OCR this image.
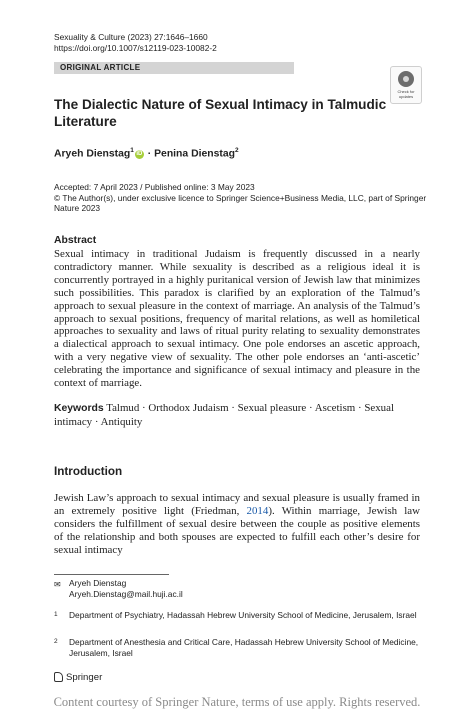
Sexuality & Culture (2023) 27:1646–1660
https://doi.org/10.1007/s12119-023-10082-2
ORIGINAL ARTICLE
Check for updates
The Dialectic Nature of Sexual Intimacy in Talmudic Literature
Aryeh Dienstag$^1$iD · Penina Dienstag$^2$
Accepted: 7 April 2023 / Published online: 3 May 2023
© The Author(s), under exclusive licence to Springer Science+Business Media, LLC, part of Springer Nature 2023
Abstract
Sexual intimacy in traditional Judaism is frequently discussed in a nearly contradictory manner. While sexuality is described as a religious ideal it is concurrently portrayed in a highly puritanical version of Jewish law that minimizes such possibilities. This paradox is clarified by an exploration of the Talmud’s approach to sexual pleasure in the context of marriage. An analysis of the Talmud’s approach to sexual positions, frequency of marital relations, as well as homiletical approaches to sexuality and laws of ritual purity relating to sexuality demonstrates a dialectical approach to sexual intimacy. One pole endorses an ascetic approach, with a very negative view of sexuality. The other pole endorses an ‘anti-ascetic’ celebrating the importance and significance of sexual intimacy and pleasure in the context of marriage.
Keywords Talmud · Orthodox Judaism · Sexual pleasure · Ascetism · Sexual intimacy · Antiquity
Introduction
Jewish Law’s approach to sexual intimacy and sexual pleasure is usually framed in an extremely positive light (Friedman, 2014). Within marriage, Jewish law considers the fulfillment of sexual desire between the couple as positive elements of the relationship and both spouses are expected to fulfill each other’s desire for sexual intimacy
✉ Aryeh Dienstag
Aryeh.Dienstag@mail.huji.ac.il
1 Department of Psychiatry, Hadassah Hebrew University School of Medicine, Jerusalem, Israel
2 Department of Anesthesia and Critical Care, Hadassah Hebrew University School of Medicine, Jerusalem, Israel
Springer
Content courtesy of Springer Nature, terms of use apply. Rights reserved.
